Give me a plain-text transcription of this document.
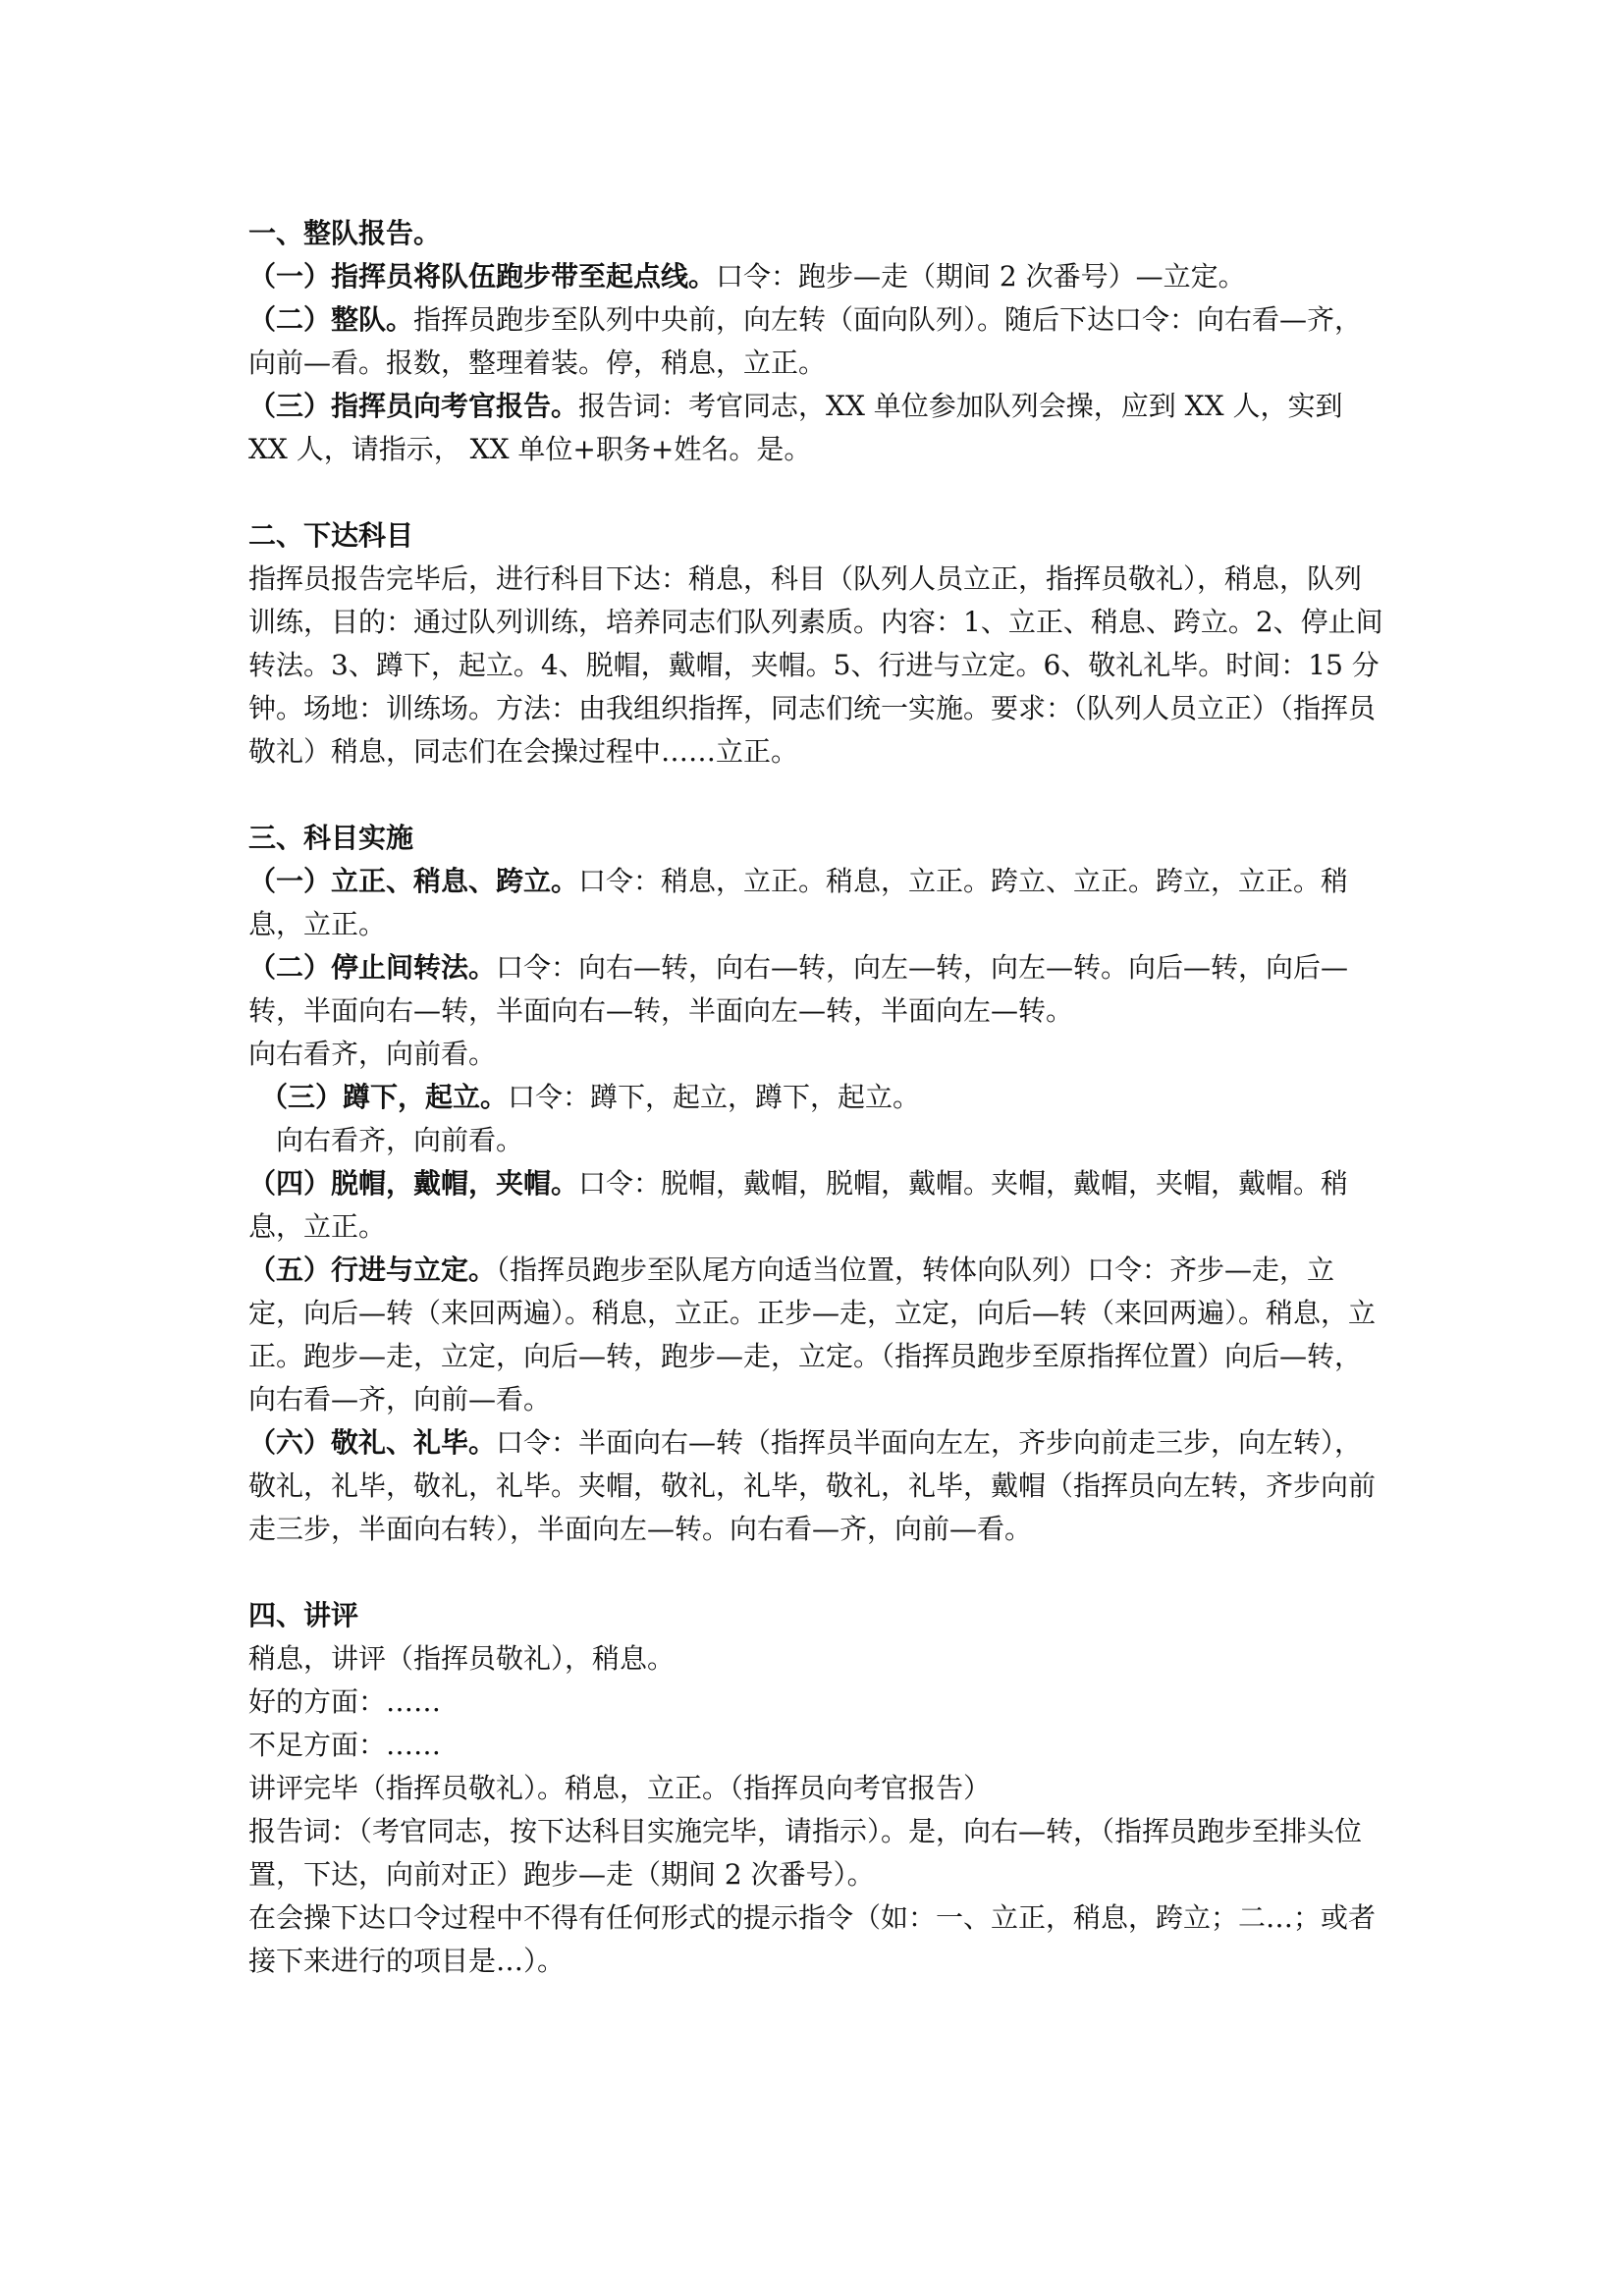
一、整队报告。

（一）指挥员将队伍跑步带至起点线。口令：跑步—走（期间 2 次番号）—立定。

（二）整队。指挥员跑步至队列中央前，向左转（面向队列）。随后下达口令：向右看—齐，向前—看。报数，整理着装。停，稍息，立正。

（三）指挥员向考官报告。报告词：考官同志，XX 单位参加队列会操，应到 XX 人，实到 XX 人，请指示， XX 单位+职务+姓名。是。

二、下达科目

指挥员报告完毕后，进行科目下达：稍息，科目（队列人员立正，指挥员敬礼），稍息，队列训练，目的：通过队列训练，培养同志们队列素质。内容：1、立正、稍息、跨立。2、停止间转法。3、蹲下，起立。4、脱帽，戴帽，夹帽。5、行进与立定。6、敬礼礼毕。时间：15 分钟。场地：训练场。方法：由我组织指挥，同志们统一实施。要求：（队列人员立正）（指挥员敬礼）稍息，同志们在会操过程中……立正。

三、科目实施

（一）立正、稍息、跨立。口令：稍息，立正。稍息，立正。跨立、立正。跨立，立正。稍息，立正。

（二）停止间转法。口令：向右—转，向右—转，向左—转，向左—转。向后—转，向后—转，半面向右—转，半面向右—转，半面向左—转，半面向左—转。

向右看齐，向前看。

（三）蹲下，起立。口令：蹲下，起立，蹲下，起立。

向右看齐，向前看。

（四）脱帽，戴帽，夹帽。口令：脱帽，戴帽，脱帽，戴帽。夹帽，戴帽，夹帽，戴帽。稍息，立正。

（五）行进与立定。（指挥员跑步至队尾方向适当位置，转体向队列）口令：齐步—走，立定，向后—转（来回两遍）。稍息，立正。正步—走，立定，向后—转（来回两遍）。稍息，立正。跑步—走，立定，向后—转，跑步—走，立定。（指挥员跑步至原指挥位置）向后—转，向右看—齐，向前—看。

（六）敬礼、礼毕。口令：半面向右—转（指挥员半面向左左，齐步向前走三步，向左转），敬礼，礼毕，敬礼，礼毕。夹帽，敬礼，礼毕，敬礼，礼毕，戴帽（指挥员向左转，齐步向前走三步，半面向右转），半面向左—转。向右看—齐，向前—看。

四、讲评

稍息，讲评（指挥员敬礼），稍息。

好的方面：……

不足方面：……

讲评完毕（指挥员敬礼）。稍息，立正。（指挥员向考官报告）

报告词：（考官同志，按下达科目实施完毕，请指示）。是，向右—转，（指挥员跑步至排头位置，下达，向前对正）跑步—走（期间 2 次番号）。

在会操下达口令过程中不得有任何形式的提示指令（如：一、立正，稍息，跨立；二…；或者接下来进行的项目是…）。
